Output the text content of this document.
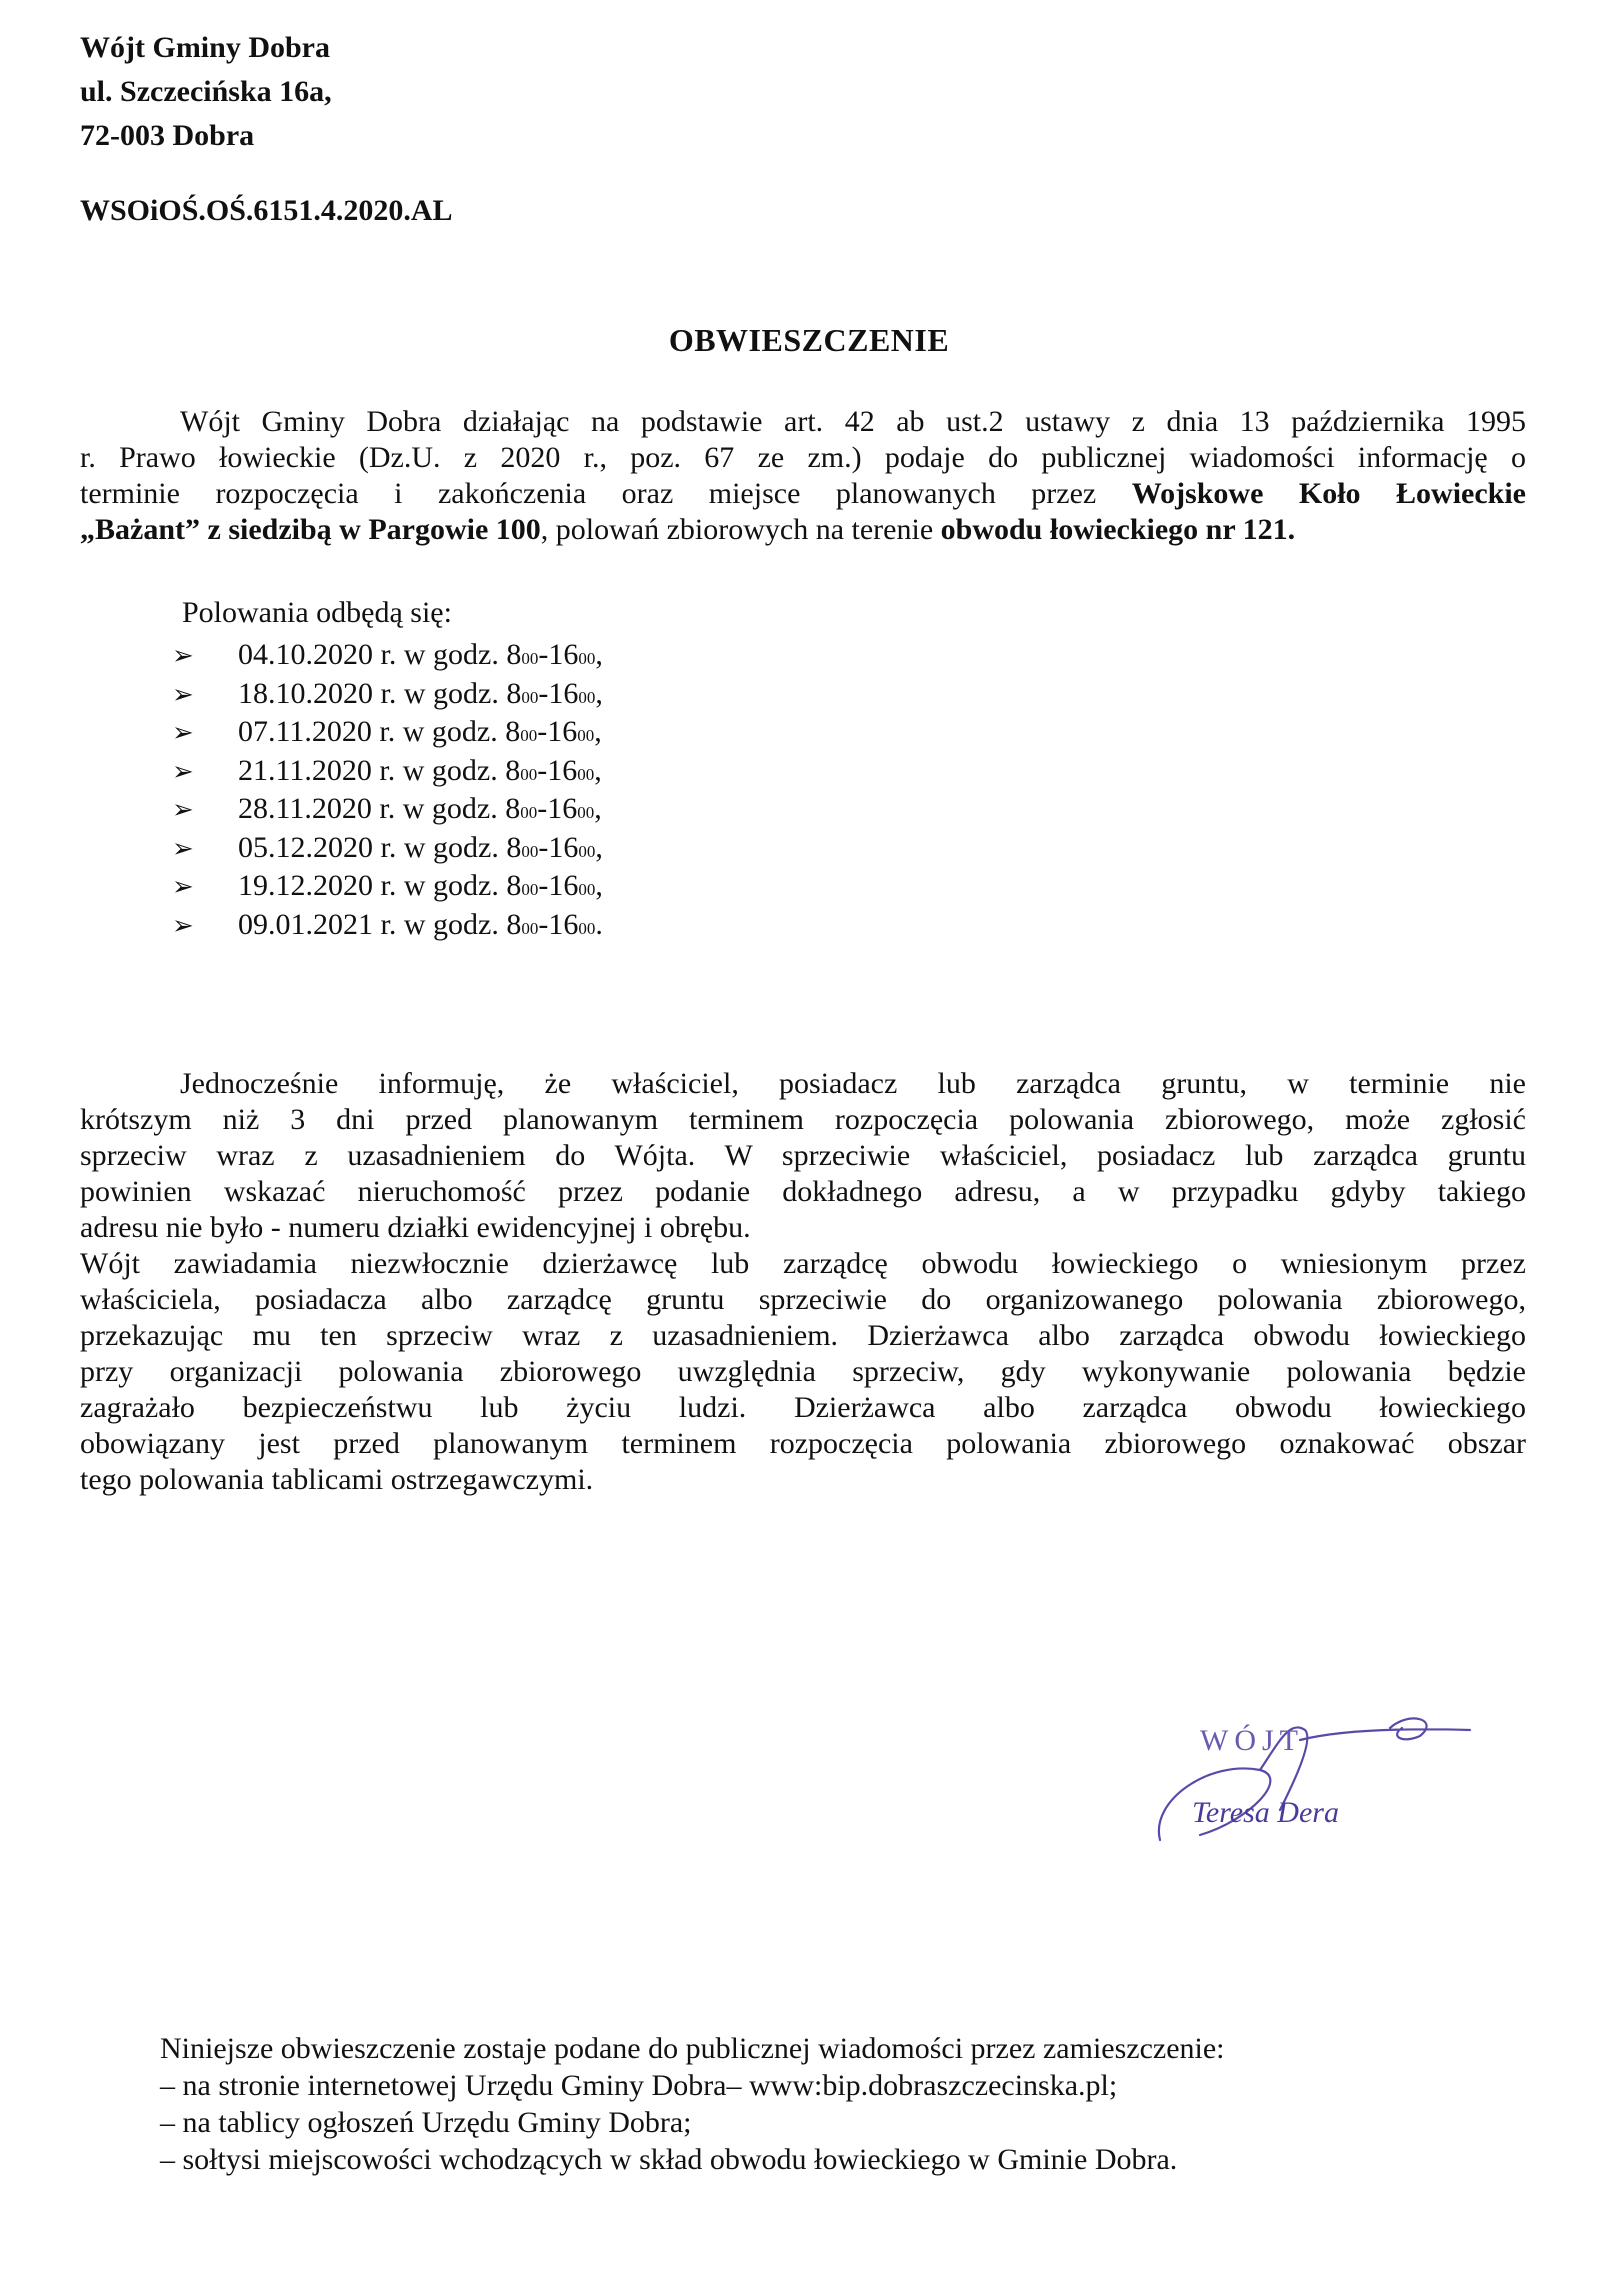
Wójt Gminy Dobra
ul. Szczecińska 16a,
72-003 Dobra
WSOiOŚ.OŚ.6151.4.2020.AL
OBWIESZCZENIE
Wójt Gminy Dobra działając na podstawie art. 42 ab ust.2 ustawy z dnia 13 października 1995
r. Prawo łowieckie (Dz.U. z 2020 r., poz. 67 ze zm.) podaje do publicznej wiadomości informację o
terminie rozpoczęcia i zakończenia oraz miejsce planowanych przez Wojskowe Koło Łowieckie
„Bażant” z siedzibą w Pargowie 100, polowań zbiorowych na terenie obwodu łowieckiego nr 121.
Polowania odbędą się:
➢	04.10.2020 r. w godz. 8 00 -16 00 ,
➢	18.10.2020 r. w godz. 8 00 -16 00 ,
➢	07.11.2020 r. w godz. 8 00 -16 00 ,
➢	21.11.2020 r. w godz. 8 00 -16 00 ,
➢	28.11.2020 r. w godz. 8 00 -16 00 ,
➢	05.12.2020 r. w godz. 8 00 -16 00 ,
➢	19.12.2020 r. w godz. 8 00 -16 00 ,
➢	09.01.2021 r. w godz. 8 00 -16 00 .
Jednocześnie informuję, że właściciel, posiadacz lub zarządca gruntu, w terminie nie
krótszym niż 3 dni przed planowanym terminem rozpoczęcia polowania zbiorowego, może zgłosić
sprzeciw wraz z uzasadnieniem do Wójta. W sprzeciwie właściciel, posiadacz lub zarządca gruntu
powinien wskazać nieruchomość przez podanie dokładnego adresu, a w przypadku gdyby takiego
adresu nie było - numeru działki ewidencyjnej i obrębu.
Wójt zawiadamia niezwłocznie dzierżawcę lub zarządcę obwodu łowieckiego o wniesionym przez
właściciela, posiadacza albo zarządcę gruntu sprzeciwie do organizowanego polowania zbiorowego,
przekazując mu ten sprzeciw wraz z uzasadnieniem. Dzierżawca albo zarządca obwodu łowieckiego
przy organizacji polowania zbiorowego uwzględnia sprzeciw, gdy wykonywanie polowania będzie
zagrażało bezpieczeństwu lub życiu ludzi. Dzierżawca albo zarządca obwodu łowieckiego
obowiązany jest przed planowanym terminem rozpoczęcia polowania zbiorowego oznakować obszar
tego polowania tablicami ostrzegawczymi.
WÓJT
Teresa Dera
Niniejsze obwieszczenie zostaje podane do publicznej wiadomości przez zamieszczenie:
– na stronie internetowej Urzędu Gminy Dobra– www:bip.dobraszczecinska.pl;
– na tablicy ogłoszeń Urzędu Gminy Dobra;
– sołtysi miejscowości wchodzących w skład obwodu łowieckiego w Gminie Dobra.
